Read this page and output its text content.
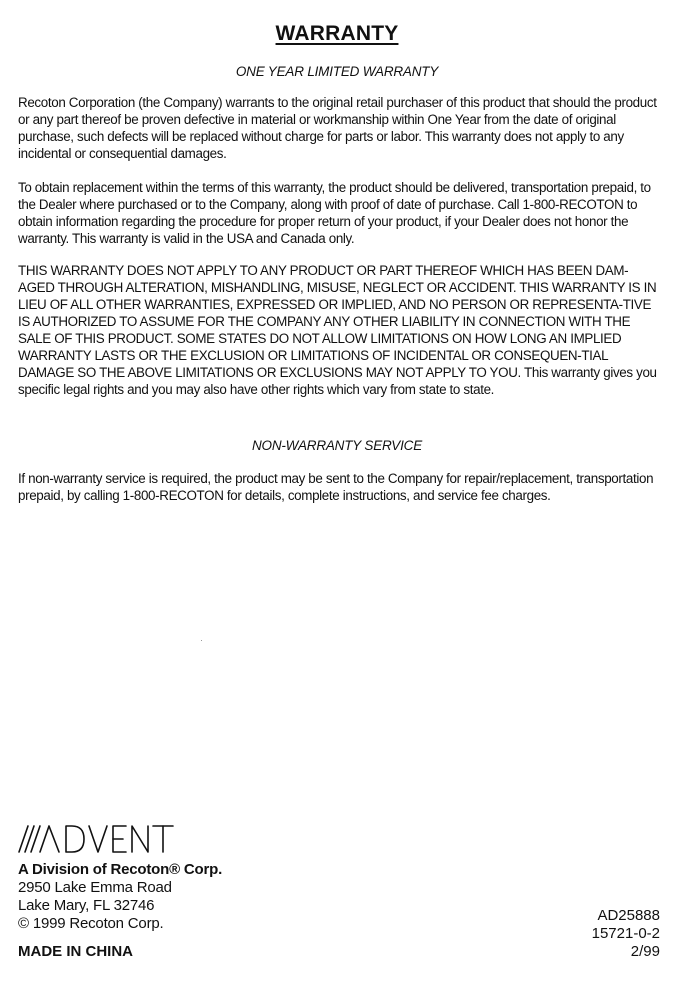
WARRANTY
ONE YEAR LIMITED WARRANTY

Recoton Corporation (the Company) warrants to the original retail purchaser of this product that should the product or any part thereof be proven defective in material or workmanship within One Year from the date of original purchase, such defects will be replaced without charge for parts or labor. This warranty does not apply to any incidental or consequential damages.

To obtain replacement within the terms of this warranty, the product should be delivered, transportation prepaid, to the Dealer where purchased or to the Company, along with proof of date of purchase. Call 1-800-RECOTON to obtain information regarding the procedure for proper return of your product, if your Dealer does not honor the warranty. This warranty is valid in the USA and Canada only.

THIS WARRANTY DOES NOT APPLY TO ANY PRODUCT OR PART THEREOF WHICH HAS BEEN DAM-AGED THROUGH ALTERATION, MISHANDLING, MISUSE, NEGLECT OR ACCIDENT. THIS WARRANTY IS IN LIEU OF ALL OTHER WARRANTIES, EXPRESSED OR IMPLIED, AND NO PERSON OR REPRESENTA-TIVE IS AUTHORIZED TO ASSUME FOR THE COMPANY ANY OTHER LIABILITY IN CONNECTION WITH THE SALE OF THIS PRODUCT. SOME STATES DO NOT ALLOW LIMITATIONS ON HOW LONG AN IMPLIED WARRANTY LASTS OR THE EXCLUSION OR LIMITATIONS OF INCIDENTAL OR CONSEQUEN-TIAL DAMAGE SO THE ABOVE LIMITATIONS OR EXCLUSIONS MAY NOT APPLY TO YOU. This warranty gives you specific legal rights and you may also have other rights which vary from state to state.

NON-WARRANTY SERVICE

If non-warranty service is required, the product may be sent to the Company for repair/replacement, transportation prepaid, by calling 1-800-RECOTON for details, complete instructions, and service fee charges.

A Division of Recoton® Corp.
2950 Lake Emma Road
Lake Mary, FL 32746
© 1999 Recoton Corp.
MADE IN CHINA
AD25888
15721-0-2
2/99
